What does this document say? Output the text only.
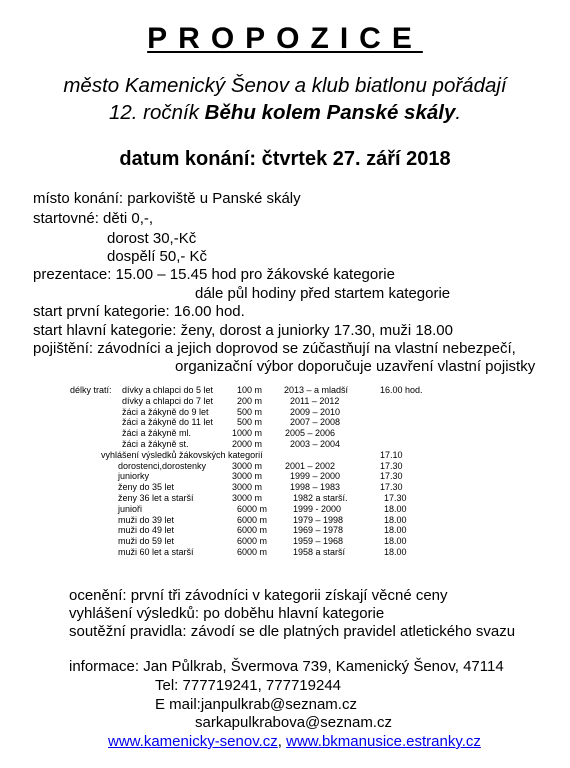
PROPOZICE
město Kamenický Šenov a klub biatlonu pořádají
12. ročník Běhu kolem Panské skály.
datum konání: čtvrtek 27. září 2018
místo konání: parkoviště u Panské skály
startovné: děti 0,-,
dorost 30,-Kč
dospělí 50,- Kč
prezentace: 15.00 – 15.45 hod pro žákovské kategorie
dále půl hodiny před startem kategorie
start první kategorie: 16.00 hod.
start hlavní kategorie: ženy, dorost a juniorky 17.30, muži 18.00
pojištění: závodníci a jejich doprovod se zúčastňují na vlastní nebezpečí,
organizační výbor doporučuje uzavření vlastní pojistky
délky tratí: dívky a chlapci do 5 let	100 m 2013 – a mladší	16.00 hod.
dívky a chlapci do 7 let	200 m	2011 – 2012
žáci a žákyně do 9 let	500 m	2009 – 2010
žáci a žákyně do 11 let	500 m	2007 – 2008
žáci a žákyně ml.	1000 m	2005 – 2006
žáci a žákyně st.	2000 m	2003 – 2004
vyhlášení výsledků žákovských kategorií	17.10
dorostenci,dorostenky	3000 m	2001 – 2002	17.30
juniorky	3000 m	1999 – 2000	17.30
ženy do 35 let	3000 m	1998 – 1983	17.30
ženy 36 let a starší	3000 m	1982 a starší.	17.30
junioři	6000 m	1999 - 2000	18.00
muži do 39 let	6000 m	1979 – 1998	18.00
muži do 49 let	6000 m	1969 – 1978	18.00
muži do 59 let	6000 m	1959 – 1968	18.00
muži 60 let a starší	6000 m	1958 a starší	18.00
ocenění: první tři závodníci v kategorii získají věcné ceny
vyhlášení výsledků: po doběhu hlavní kategorie
soutěžní pravidla: závodí se dle platných pravidel atletického svazu
informace: Jan Půlkrab, Švermova 739, Kamenický Šenov, 47114
Tel: 777719241, 777719244
E mail:janpulkrab@seznam.cz
sarkapulkrabova@seznam.cz
www.kamenicky-senov.cz, www.bkmanusice.estranky.cz
